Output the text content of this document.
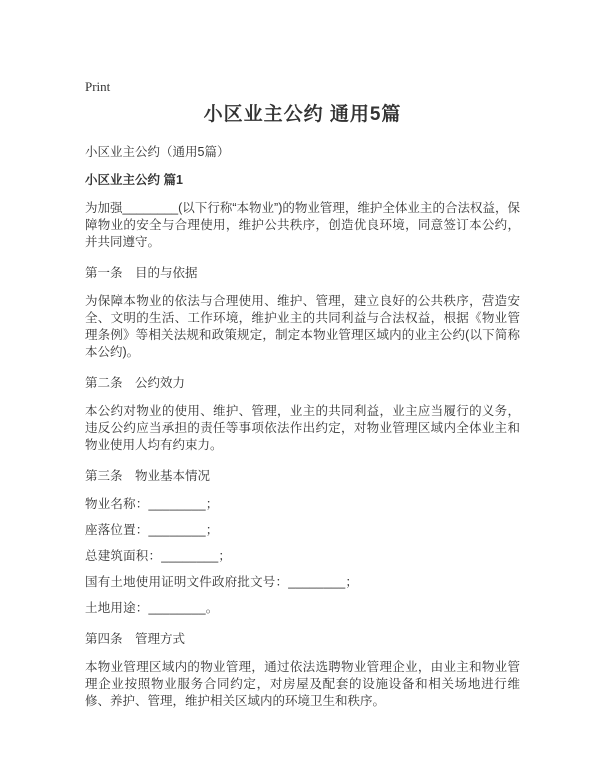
Print
小区业主公约 通用5篇
小区业主公约（通用5篇）
小区业主公约 篇1
为加强________(以下行称“本物业”)的物业管理，维护全体业主的合法权益，保障物业的安全与合理使用，维护公共秩序，创造优良环境，同意签订本公约，并共同遵守。
第一条　目的与依据
为保障本物业的依法与合理使用、维护、管理，建立良好的公共秩序，营造安全、文明的生活、工作环境，维护业主的共同利益与合法权益，根据《物业管理条例》等相关法规和政策规定，制定本物业管理区域内的业主公约(以下简称本公约)。
第二条　公约效力
本公约对物业的使用、维护、管理，业主的共同利益，业主应当履行的义务，违反公约应当承担的责任等事项依法作出约定，对物业管理区域内全体业主和物业使用人均有约束力。
第三条　物业基本情况
物业名称：________；
座落位置：________；
总建筑面积：________；
国有土地使用证明文件政府批文号：________；
土地用途：________。
第四条　管理方式
本物业管理区域内的物业管理，通过依法选聘物业管理企业，由业主和物业管理企业按照物业服务合同约定，对房屋及配套的设施设备和相关场地进行维修、养护、管理，维护相关区域内的环境卫生和秩序。
